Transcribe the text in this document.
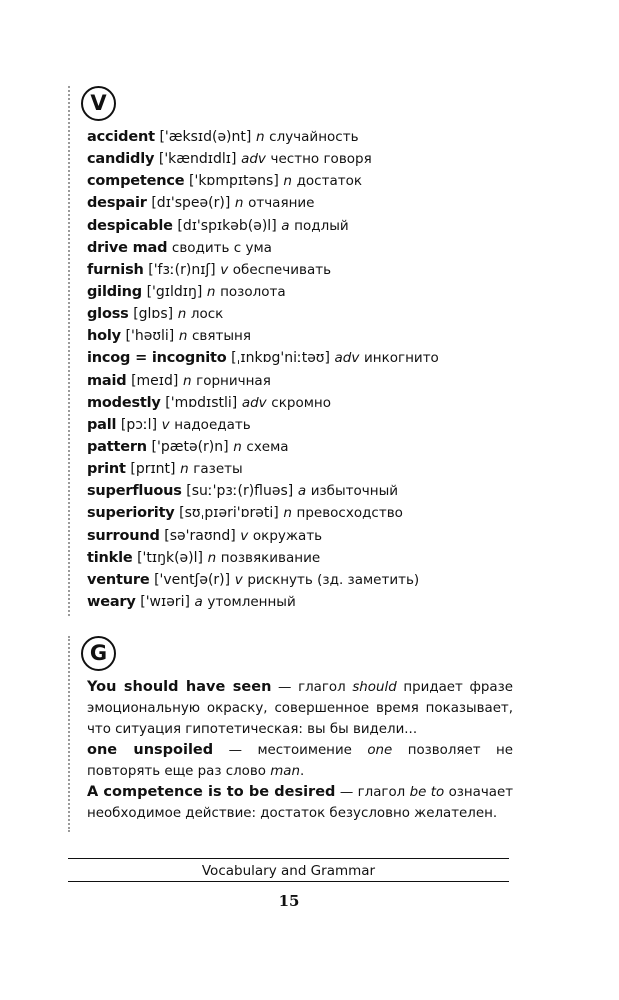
V
accident ['æksɪd(ə)nt] n случайность
candidly ['kændɪdlɪ] adv честно говоря
competence ['kɒmpɪtəns] n достаток
despair [dɪ'speə(r)] n отчаяние
despicable [dɪ'spɪkəb(ə)l] a подлый
drive mad сводить с ума
furnish ['fɜː(r)nɪʃ] v обеспечивать
gilding ['gɪldɪŋ] n позолота
gloss [glɒs] n лоск
holy ['həʊli] n святыня
incog = incognito [ˌɪnkɒg'niːtəʊ] adv инкогнито
maid [meɪd] n горничная
modestly ['mɒdɪstli] adv скромно
pall [pɔːl] v надоедать
pattern ['pætə(r)n] n схема
print [prɪnt] n газеты
superfluous [suː'pɜː(r)fluəs] a избыточный
superiority [sʊˌpɪəri'ɒrəti] n превосходство
surround [sə'raʊnd] v окружать
tinkle ['tɪŋk(ə)l] n позвякивание
venture ['ventʃə(r)] v рискнуть (зд. заметить)
weary ['wɪəri] a утомленный
G

You should have seen — глагол should придает фразе эмоциональную окраску, совершенное время показывает, что ситуация гипотетическая: вы бы видели...

one unspoiled — местоимение one позволяет не повторять еще раз слово man.

A competence is to be desired — глагол be to означает необходимое действие: достаток безусловно желателен.

Vocabulary and Grammar
15
